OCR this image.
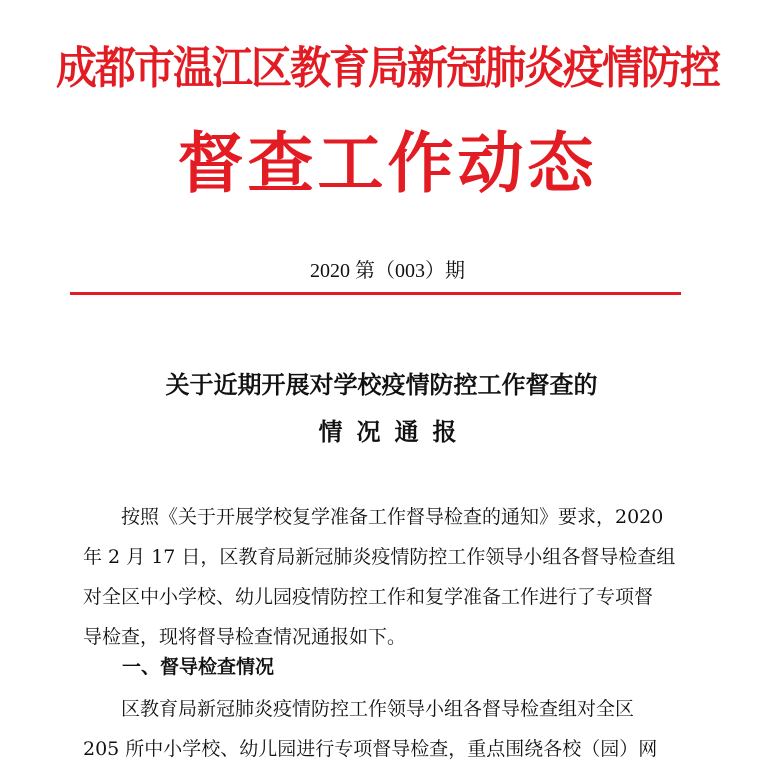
成都市温江区教育局新冠肺炎疫情防控
督查工作动态
2020 第（003）期
关于近期开展对学校疫情防控工作督查的
情况通报
　　按照《关于开展学校复学准备工作督导检查的通知》要求，2020
年 2 月 17 日，区教育局新冠肺炎疫情防控工作领导小组各督导检查组
对全区中小学校、幼儿园疫情防控工作和复学准备工作进行了专项督
导检查，现将督导检查情况通报如下。
一、督导检查情况
　　区教育局新冠肺炎疫情防控工作领导小组各督导检查组对全区
205 所中小学校、幼儿园进行专项督导检查，重点围绕各校（园）网
